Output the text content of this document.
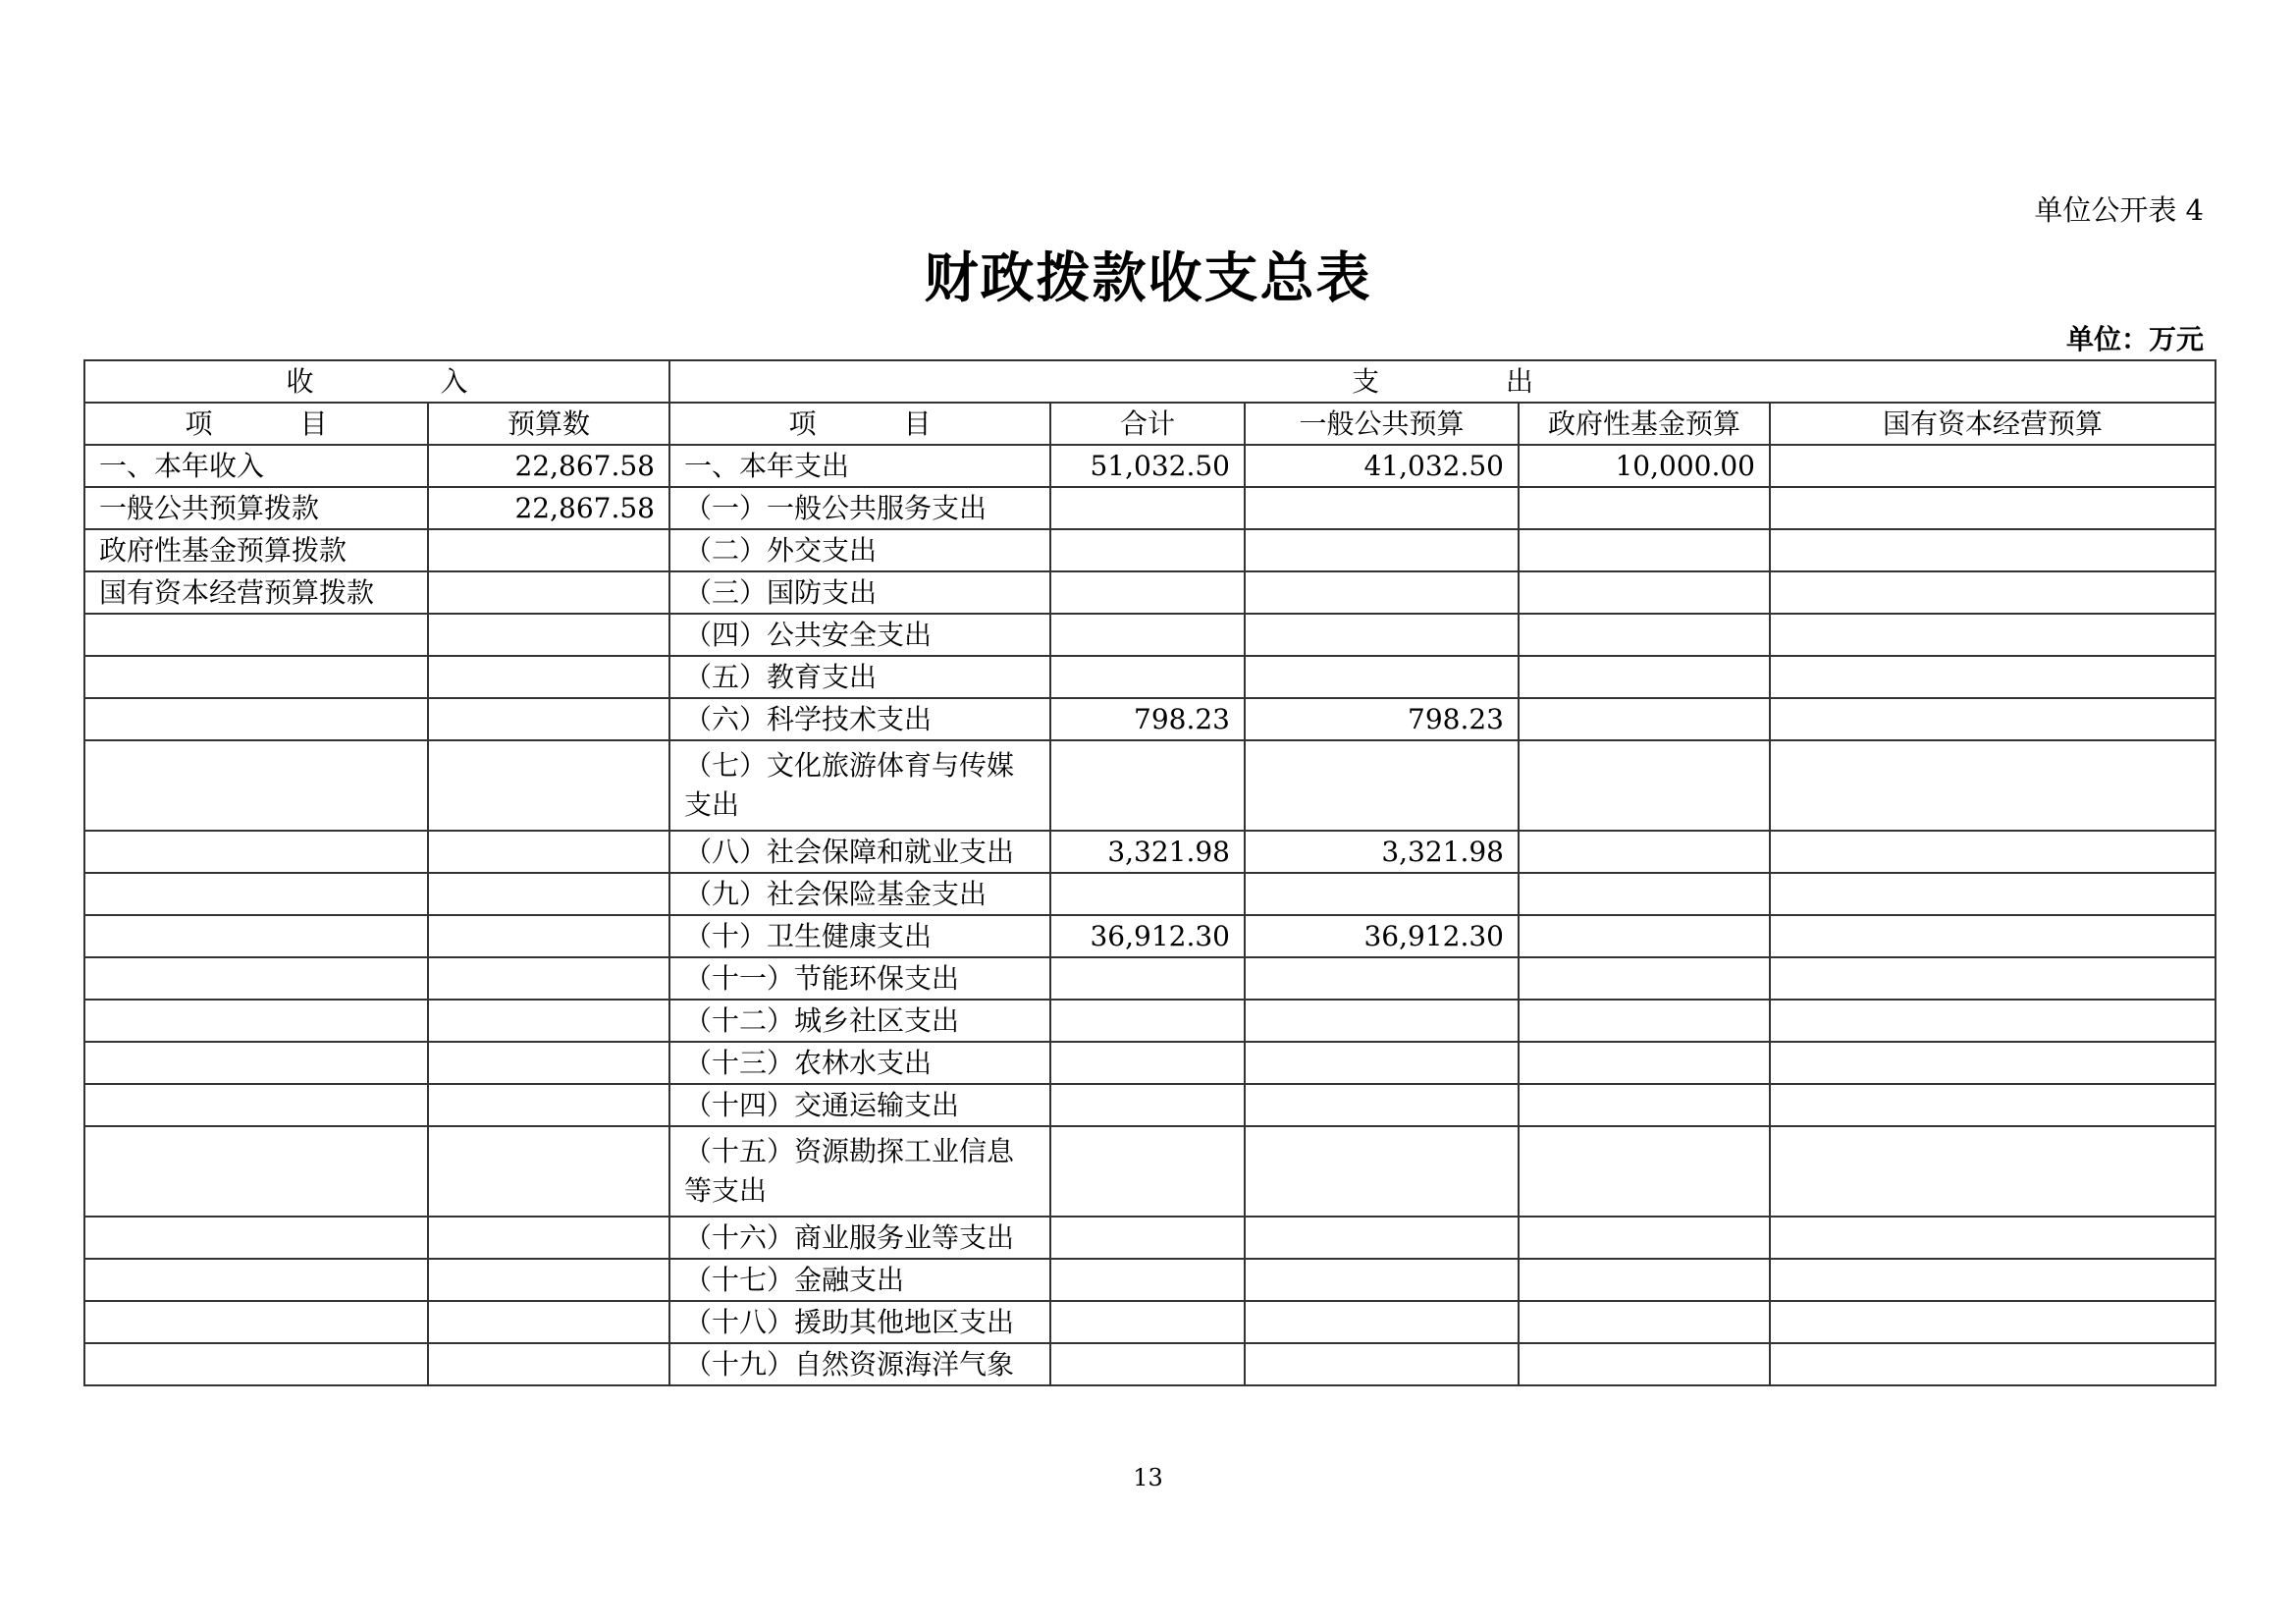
单位公开表 4
财政拨款收支总表
单位：万元
收 入		支 出				
项 目	预算数	项 目	合计	一般公共预算	政府性基金预算	国有资本经营预算
一、本年收入	22,867.58	一、本年支出	51,032.50	41,032.50	10,000.00	
一般公共预算拨款	22,867.58	（一）一般公共服务支出				
政府性基金预算拨款		（二）外交支出				
国有资本经营预算拨款		（三）国防支出				
		（四）公共安全支出				
		（五）教育支出				
		（六）科学技术支出	798.23	798.23		
		（七）文化旅游体育与传媒支出				
		（八）社会保障和就业支出	3,321.98	3,321.98		
		（九）社会保险基金支出				
		（十）卫生健康支出	36,912.30	36,912.30		
		（十一）节能环保支出				
		（十二）城乡社区支出				
		（十三）农林水支出				
		（十四）交通运输支出				
		（十五）资源勘探工业信息等支出				
		（十六）商业服务业等支出				
		（十七）金融支出				
		（十八）援助其他地区支出				
		（十九）自然资源海洋气象				
13
